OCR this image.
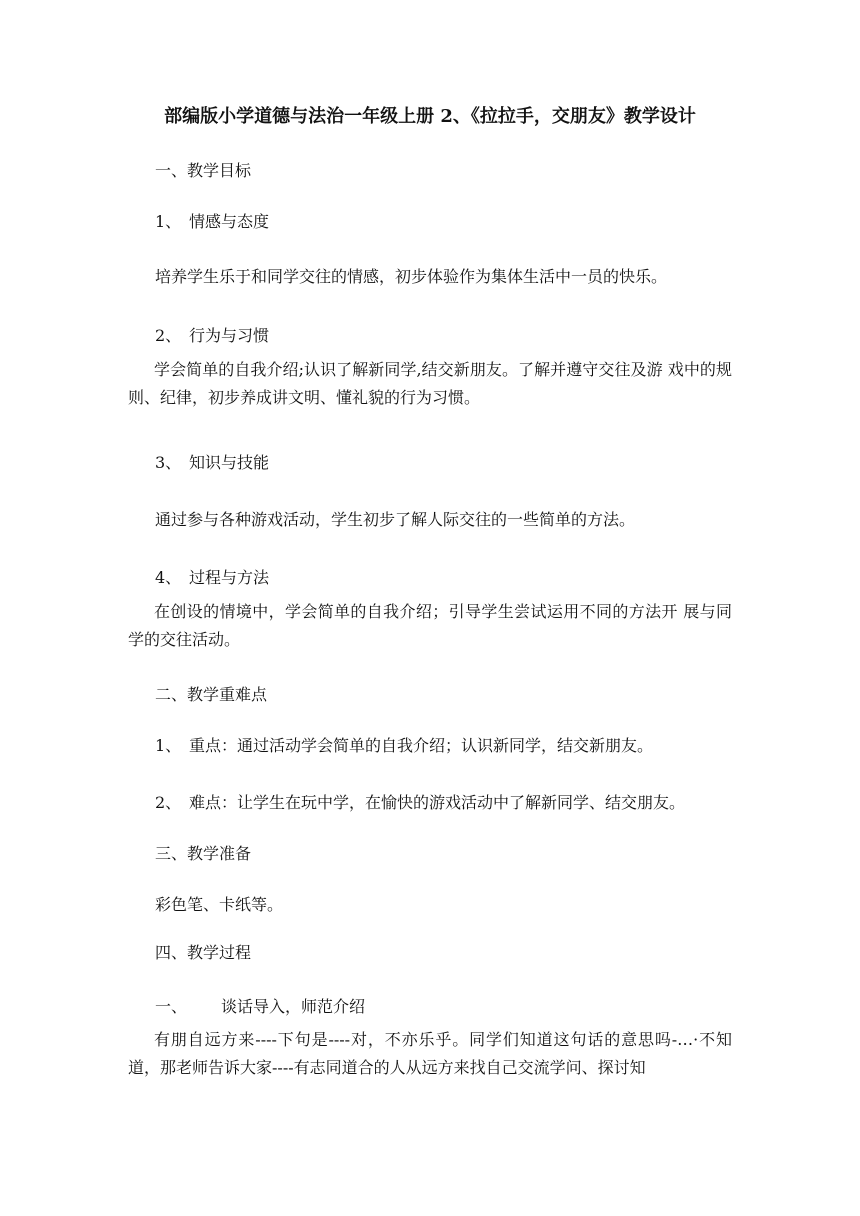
部编版小学道德与法治一年级上册 2、《拉拉手，交朋友》教学设计
一、教学目标
1、 情感与态度
培养学生乐于和同学交往的情感，初步体验作为集体生活中一员的快乐。
2、 行为与习惯
学会简单的自我介绍;认识了解新同学,结交新朋友。了解并遵守交往及游 戏中的规则、纪律，初步养成讲文明、懂礼貌的行为习惯。
3、 知识与技能
通过参与各种游戏活动，学生初步了解人际交往的一些简单的方法。
4、 过程与方法
在创设的情境中，学会简单的自我介绍；引导学生尝试运用不同的方法开 展与同学的交往活动。
二、教学重难点
1、 重点：通过活动学会简单的自我介绍；认识新同学，结交新朋友。
2、 难点：让学生在玩中学，在愉快的游戏活动中了解新同学、结交朋友。
三、教学准备
彩色笔、卡纸等。
四、教学过程
一、 谈话导入，师范介绍
有朋自远方来----下句是----对，不亦乐乎。同学们知道这句话的意思吗-…·不知道，那老师告诉大家----有志同道合的人从远方来找自己交流学问、探讨知
